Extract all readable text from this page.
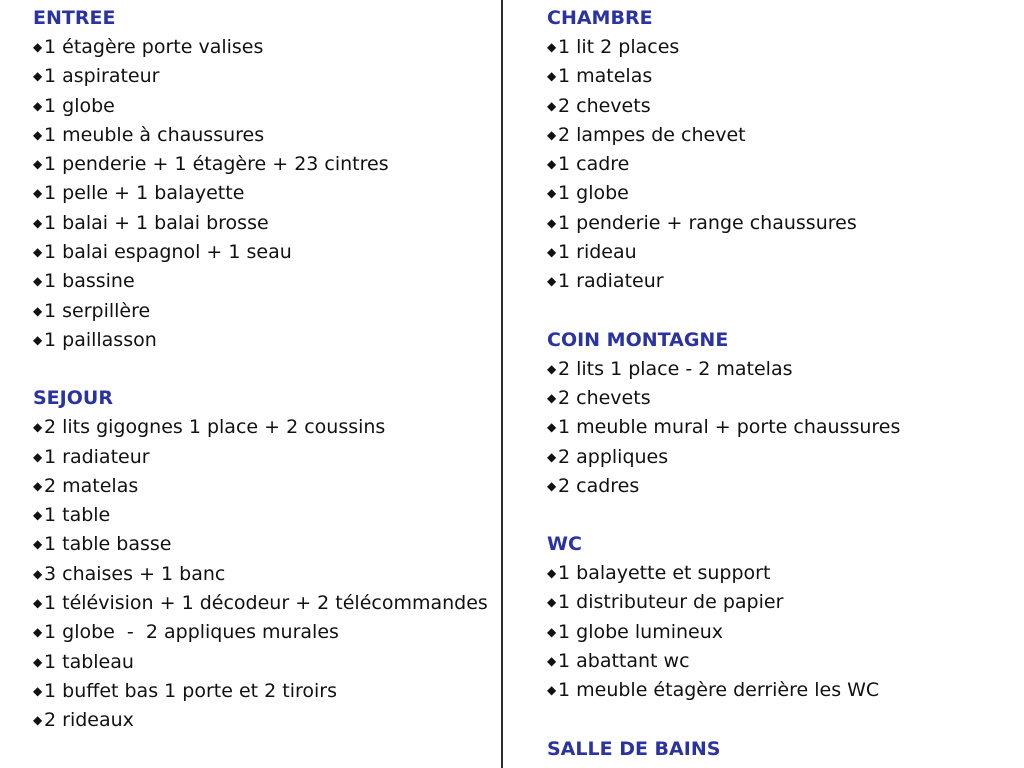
ENTREE
◆ 1 étagère porte valises
◆ 1 aspirateur
◆ 1 globe
◆ 1 meuble à chaussures
◆ 1 penderie + 1 étagère + 23 cintres
◆ 1 pelle + 1 balayette
◆ 1 balai + 1 balai brosse
◆ 1 balai espagnol + 1 seau
◆ 1 bassine
◆ 1 serpillère
◆ 1 paillasson
SEJOUR
◆ 2 lits gigognes 1 place + 2 coussins
◆ 1 radiateur
◆ 2 matelas
◆ 1 table
◆ 1 table basse
◆ 3 chaises + 1 banc
◆ 1 télévision + 1 décodeur + 2 télécommandes
◆ 1 globe  -  2 appliques murales
◆ 1 tableau
◆ 1 buffet bas 1 porte et 2 tiroirs
◆ 2 rideaux
CHAMBRE
◆ 1 lit 2 places
◆ 1 matelas
◆ 2 chevets
◆ 2 lampes de chevet
◆ 1 cadre
◆ 1 globe
◆ 1 penderie + range chaussures
◆ 1 rideau
◆ 1 radiateur
COIN MONTAGNE
◆ 2 lits 1 place - 2 matelas
◆ 2 chevets
◆ 1 meuble mural + porte chaussures
◆ 2 appliques
◆ 2 cadres
WC
◆ 1 balayette et support
◆ 1 distributeur de papier
◆ 1 globe lumineux
◆ 1 abattant wc
◆ 1 meuble étagère derrière les WC
SALLE DE BAINS
